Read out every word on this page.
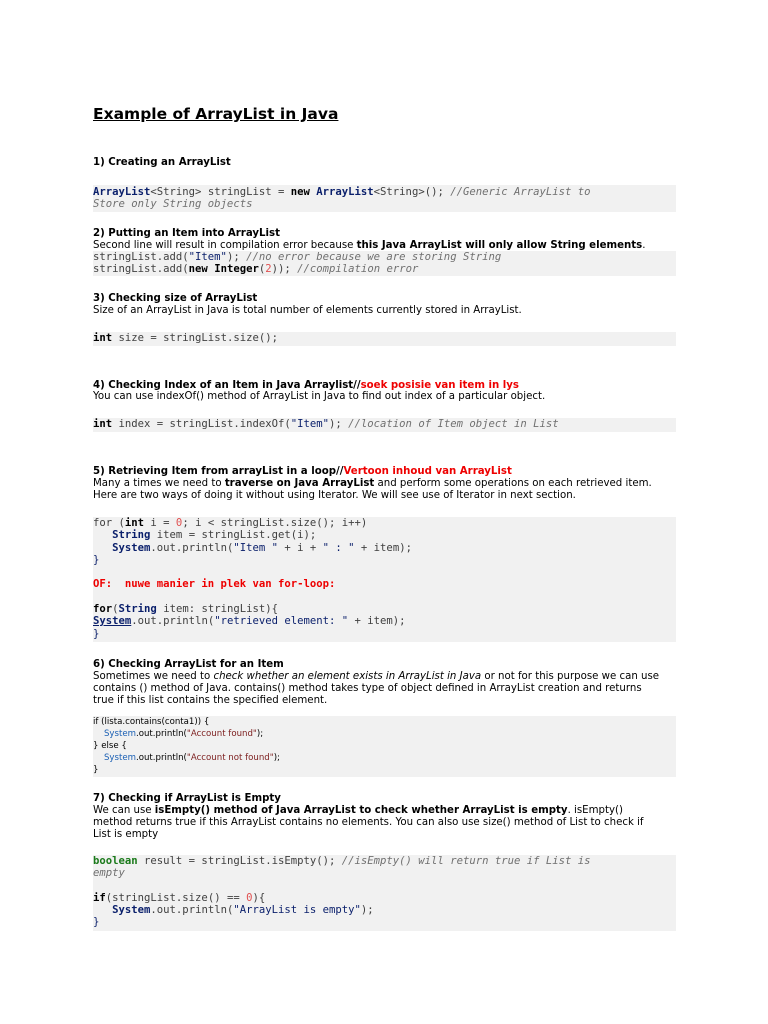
Example of ArrayList in Java
1) Creating an ArrayList
ArrayList<String> stringList = new ArrayList<String>(); //Generic ArrayList to
Store only String objects
2) Putting an Item into ArrayList
Second line will result in compilation error because this Java ArrayList will only allow String elements.
stringList.add("Item"); //no error because we are storing String
stringList.add(new Integer(2)); //compilation error
3) Checking size of ArrayList
Size of an ArrayList in Java is total number of elements currently stored in ArrayList.
int size = stringList.size();
4) Checking Index of an Item in Java Arraylist//soek posisie van item in lys
You can use indexOf() method of ArrayList in Java to find out index of a particular object.
int index = stringList.indexOf("Item"); //location of Item object in List
5) Retrieving Item from arrayList in a loop//Vertoon inhoud van ArrayList
Many a times we need to traverse on Java ArrayList and perform some operations on each retrieved item.
Here are two ways of doing it without using Iterator. We will see use of Iterator in next section.
for (int i = 0; i < stringList.size(); i++)
String item = stringList.get(i);
System.out.println("Item " + i + " : " + item);
}

OF:  nuwe manier in plek van for-loop:

for(String item: stringList){
System.out.println("retrieved element: " + item);
}
6) Checking ArrayList for an Item
Sometimes we need to check whether an element exists in ArrayList in Java or not for this purpose we can use
contains () method of Java. contains() method takes type of object defined in ArrayList creation and returns
true if this list contains the specified element.
if (lista.contains(conta1)) {
System.out.println("Account found");
} else {
System.out.println("Account not found");
}
7) Checking if ArrayList is Empty
We can use isEmpty() method of Java ArrayList to check whether ArrayList is empty. isEmpty()
method returns true if this ArrayList contains no elements. You can also use size() method of List to check if
List is empty
boolean result = stringList.isEmpty(); //isEmpty() will return true if List is
empty

if(stringList.size() == 0){
System.out.println("ArrayList is empty");
}
